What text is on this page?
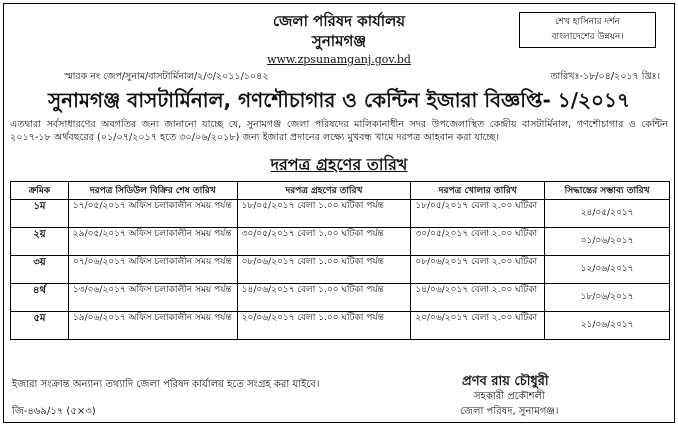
জেলা পরিষদ কার্যালয়
সুনামগঞ্জ
www.zpsunamganj.gov.bd
শেখ হাসিনার দর্শন
বাংলাদেশের উন্নয়ন।
স্মারক নং জেপ/সুনাম/বাসটার্মিনাল/২/৩/২০১১/১০৪২	তারিখঃ-১৮/০৪/২০১৭ খ্রিঃ।
সুনামগঞ্জ বাসটার্মিনাল, গণশৌচাগার ও কেন্টিন ইজারা বিজ্ঞপ্তি- ১/২০১৭
এতদ্বারা সর্বসাধারণের অবগতির জন্য জানানো যাচ্ছে যে, সুনামগঞ্জ জেলা পরিষদের মালিকানাধীন সদর উপজেলাস্থিত কেন্দ্রীয় বাসটার্মিনাল, গণশৌচাগার ও কেন্টিন ২০১৭-১৮ অর্থবছরের (০১/০৭/২০১৭ হতে ৩০/০৬/২০১৮) জন্য ইজারা প্রদানের লক্ষ্যে মুখবন্ধ খামে দরপত্র আহবান করা যাচ্ছে।
দরপত্র গ্রহণের তারিখ
ক্রমিক	দরপত্র সিডিউল বিক্রির শেষ তারিখ	দরপত্র গ্রহণের তারিখ	দরপত্র খোলার তারিখ	সিদ্ধান্তের সম্ভাব্য তারিখ
১ম	১৭/০৫/২০১৭ অফিস চলাকালীন সময় পর্যন্ত	১৮/০৫/২০১৭ বেলা ১.০০ ঘটিকা পর্যন্ত	১৮/০৫/২০১৭ বেলা ২.০০ ঘটিকা	২৪/০৫/২০১৭
২য়	২৯/০৫/২০১৭ অফিস চলাকালীন সময় পর্যন্ত	৩০/০৫/২০১৭ বেলা ১.০০ ঘটিকা পর্যন্ত	৩০/০৫/২০১৭ বেলা ২.০০ ঘটিকা	০১/০৬/২০১৭
৩য়	০৭/০৬/২০১৭ অফিস চলাকালীন সময় পর্যন্ত	০৮/০৬/২০১৭ বেলা ১.০০ ঘটিকা পর্যন্ত	০৮/০৬/২০১৭ বেলা ২.০০ ঘটিকা	১২/০৬/২০১৭
৪র্থ	১৩/০৬/২০১৭ অফিস চলাকালীন সময় পর্যন্ত	১৪/০৬/২০১৭ বেলা ১.০০ ঘটিকা পর্যন্ত	১৪/০৬/২০১৭ বেলা ২.০০ ঘটিকা	১৮/০৬/২০১৭
৫ম	১৯/০৬/২০১৭ অফিস চলাকালীন সময় পর্যন্ত	২০/০৬/২০১৭ বেলা ১.০০ ঘটিকা পর্যন্ত	২০/০৬/২০১৭ বেলা ২.০০ ঘটিকা	২১/০৬/২০১৭
ইজারা সংক্রান্ত অন্যান্য তথ্যাদি জেলা পরিষদ কার্যালয় হতে সংগ্রহ করা যাইবে।	প্রণব রায় চৌধুরী
সহকারী প্রকৌশলী
জেলা পরিষদ, সুনামগঞ্জ।
জি-৪৬৯/১৭ (৫×৩)
